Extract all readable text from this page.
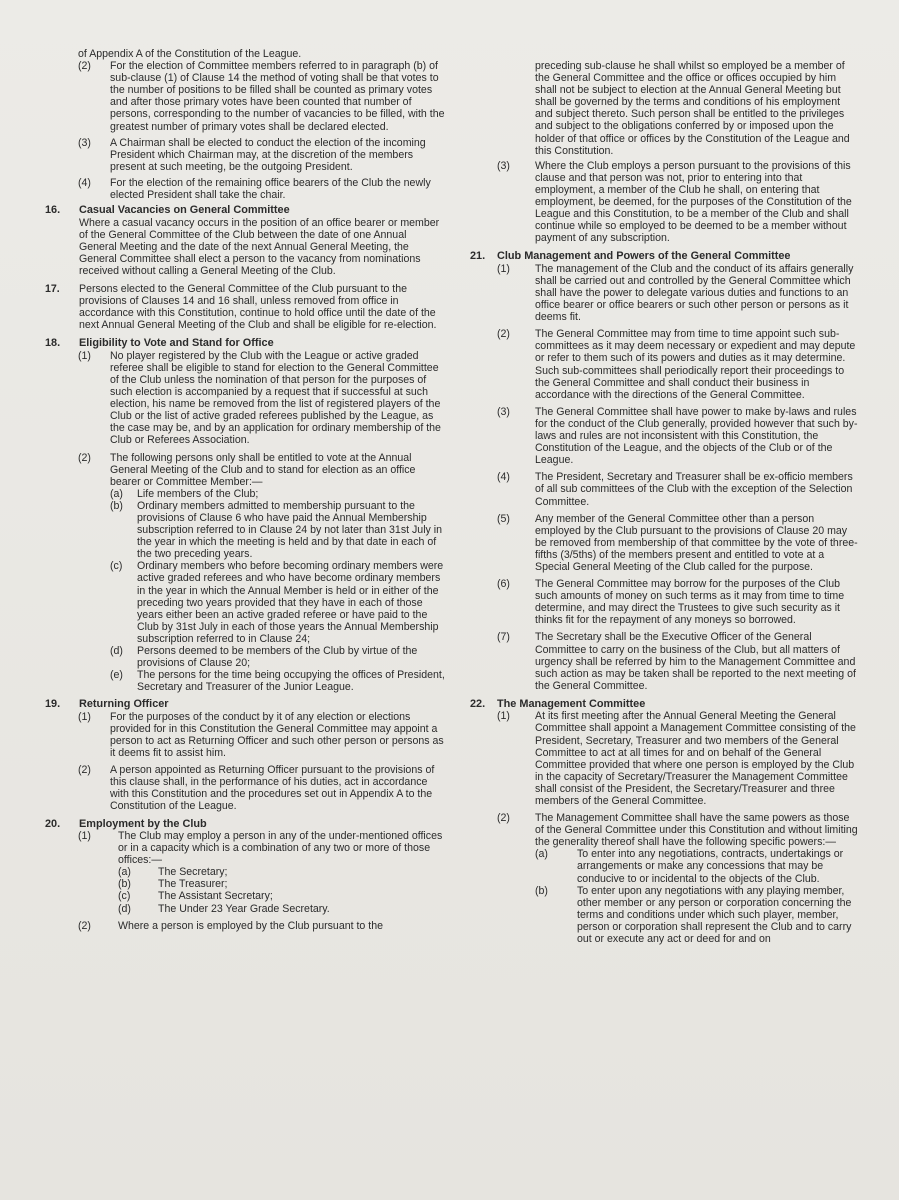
of Appendix A of the Constitution of the League.
(2)	For the election of Committee members referred to in paragraph (b) of sub-clause (1) of Clause 14 the method of voting shall be that votes to the number of positions to be filled shall be counted as primary votes and after those primary votes have been counted that number of persons, corresponding to the number of vacancies to be filled, with the greatest number of primary votes shall be declared elected.
(3)	A Chairman shall be elected to conduct the election of the incoming President which Chairman may, at the discretion of the members present at such meeting, be the outgoing President.
(4)	For the election of the remaining office bearers of the Club the newly elected President shall take the chair.
16.	Casual Vacancies on General Committee
Where a casual vacancy occurs in the position of an office bearer or member of the General Committee of the Club between the date of one Annual General Meeting and the date of the next Annual General Meeting, the General Committee shall elect a person to the vacancy from nominations received without calling a General Meeting of the Club.
17.	Persons elected to the General Committee of the Club pursuant to the provisions of Clauses 14 and 16 shall, unless removed from office in accordance with this Constitution, continue to hold office until the date of the next Annual General Meeting of the Club and shall be eligible for re-election.
18.	Eligibility to Vote and Stand for Office
(1)	No player registered by the Club with the League or active graded referee shall be eligible to stand for election to the General Committee of the Club unless the nomination of that person for the purposes of such election is accompanied by a request that if successful at such election, his name be removed from the list of registered players of the Club or the list of active graded referees published by the League, as the case may be, and by an application for ordinary membership of the Club or Referees Association.
(2)	The following persons only shall be entitled to vote at the Annual General Meeting of the Club and to stand for election as an office bearer or Committee Member:—
(a)	Life members of the Club;
(b)	Ordinary members admitted to membership pursuant to the provisions of Clause 6 who have paid the Annual Membership subscription referred to in Clause 24 by not later than 31st July in the year in which the meeting is held and by that date in each of the two preceding years.
(c)	Ordinary members who before becoming ordinary members were active graded referees and who have become ordinary members in the year in which the Annual Member is held or in either of the preceding two years provided that they have in each of those years either been an active graded referee or have paid to the Club by 31st July in each of those years the Annual Membership subscription referred to in Clause 24;
(d)	Persons deemed to be members of the Club by virtue of the provisions of Clause 20;
(e)	The persons for the time being occupying the offices of President, Secretary and Treasurer of the Junior League.
19.	Returning Officer
(1)	For the purposes of the conduct by it of any election or elections provided for in this Constitution the General Committee may appoint a person to act as Returning Officer and such other person or persons as it deems fit to assist him.
(2)	A person appointed as Returning Officer pursuant to the provisions of this clause shall, in the performance of his duties, act in accordance with this Constitution and the procedures set out in Appendix A to the Constitution of the League.
20.	Employment by the Club
(1)	The Club may employ a person in any of the under-mentioned offices or in a capacity which is a combination of any two or more of those offices:—
(a)	The Secretary;
(b)	The Treasurer;
(c)	The Assistant Secretary;
(d)	The Under 23 Year Grade Secretary.
(2)	Where a person is employed by the Club pursuant to the
preceding sub-clause he shall whilst so employed be a member of the General Committee and the office or offices occupied by him shall not be subject to election at the Annual General Meeting but shall be governed by the terms and conditions of his employment and subject thereto. Such person shall be entitled to the privileges and subject to the obligations conferred by or imposed upon the holder of that office or offices by the Constitution of the League and this Constitution.
(3)	Where the Club employs a person pursuant to the provisions of this clause and that person was not, prior to entering into that employment, a member of the Club he shall, on entering that employment, be deemed, for the purposes of the Constitution of the League and this Constitution, to be a member of the Club and shall continue while so employed to be deemed to be a member without payment of any subscription.
21.	Club Management and Powers of the General Committee
(1)	The management of the Club and the conduct of its affairs generally shall be carried out and controlled by the General Committee which shall have the power to delegate various duties and functions to an office bearer or office bearers or such other person or persons as it deems fit.
(2)	The General Committee may from time to time appoint such sub-committees as it may deem necessary or expedient and may depute or refer to them such of its powers and duties as it may determine. Such sub-committees shall periodically report their proceedings to the General Committee and shall conduct their business in accordance with the directions of the General Committee.
(3)	The General Committee shall have power to make by-laws and rules for the conduct of the Club generally, provided however that such by-laws and rules are not inconsistent with this Constitution, the Constitution of the League, and the objects of the Club or of the League.
(4)	The President, Secretary and Treasurer shall be ex-officio members of all sub committees of the Club with the exception of the Selection Committee.
(5)	Any member of the General Committee other than a person employed by the Club pursuant to the provisions of Clause 20 may be removed from membership of that committee by the vote of three-fifths (3/5ths) of the members present and entitled to vote at a Special General Meeting of the Club called for the purpose.
(6)	The General Committee may borrow for the purposes of the Club such amounts of money on such terms as it may from time to time determine, and may direct the Trustees to give such security as it thinks fit for the repayment of any moneys so borrowed.
(7)	The Secretary shall be the Executive Officer of the General Committee to carry on the business of the Club, but all matters of urgency shall be referred by him to the Management Committee and such action as may be taken shall be reported to the next meeting of the General Committee.
22.	The Management Committee
(1)	At its first meeting after the Annual General Meeting the General Committee shall appoint a Management Committee consisting of the President, Secretary, Treasurer and two members of the General Committee to act at all times for and on behalf of the General Committee provided that where one person is employed by the Club in the capacity of Secretary/Treasurer the Management Committee shall consist of the President, the Secretary/Treasurer and three members of the General Committee.
(2)	The Management Committee shall have the same powers as those of the General Committee under this Constitution and without limiting the generality thereof shall have the following specific powers:—
(a)	To enter into any negotiations, contracts, undertakings or arrangements or make any concessions that may be conducive to or incidental to the objects of the Club.
(b)	To enter upon any negotiations with any playing member, other member or any person or corporation concerning the terms and conditions under which such player, member, person or corporation shall represent the Club and to carry out or execute any act or deed for and on
